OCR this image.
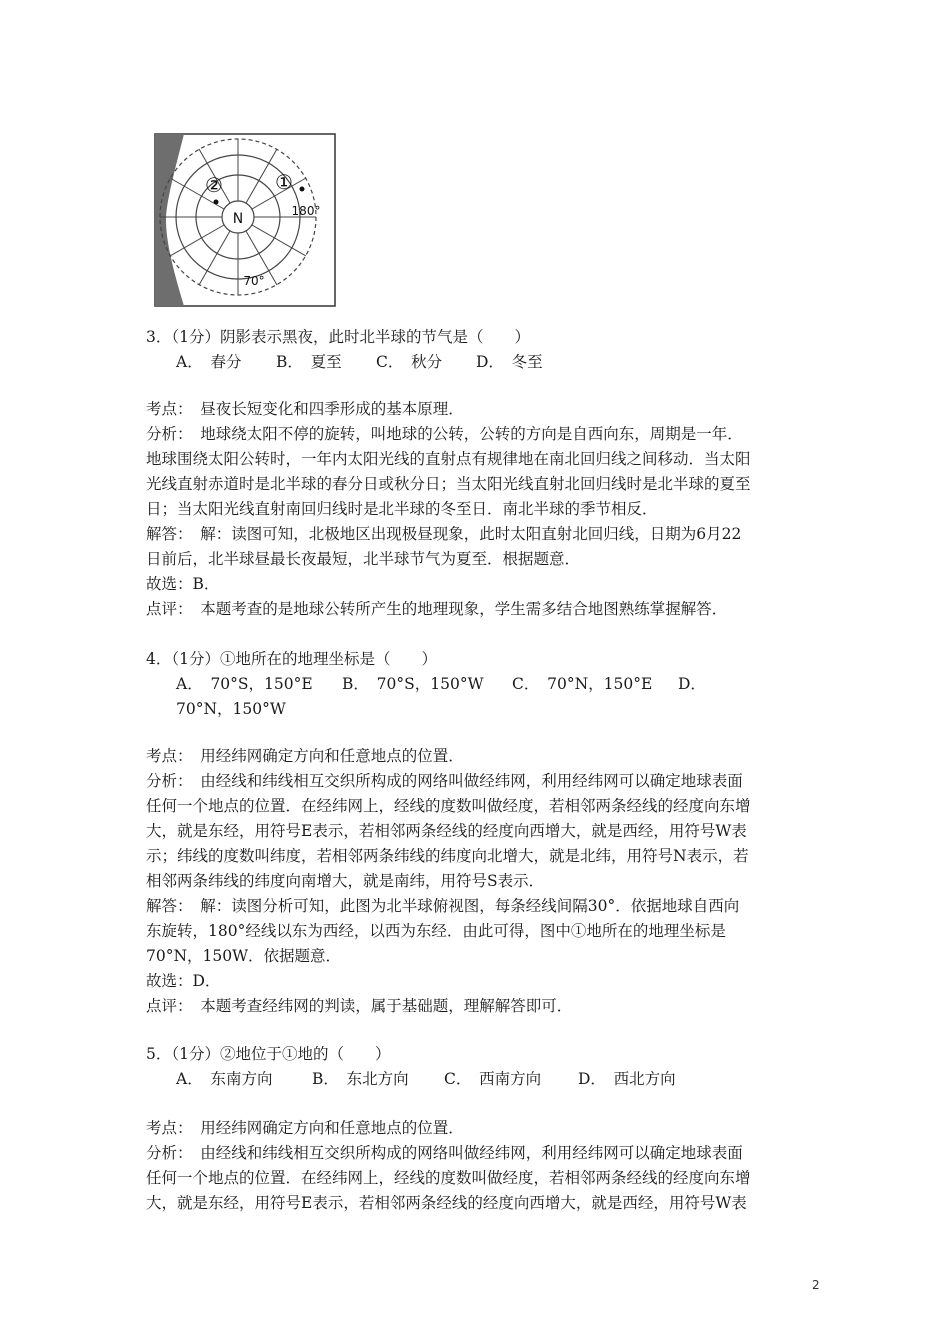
N
②	①
180°
70°
3．（1分）阴影表示黑夜，此时北半球的节气是（　　）
A．　春分 B．　夏至 C．　秋分 D．　冬至
考点：　昼夜长短变化和四季形成的基本原理．
分析：　地球绕太阳不停的旋转，叫地球的公转，公转的方向是自西向东，周期是一年．
地球围绕太阳公转时，一年内太阳光线的直射点有规律地在南北回归线之间移动．当太阳
光线直射赤道时是北半球的春分日或秋分日；当太阳光线直射北回归线时是北半球的夏至
日；当太阳光线直射南回归线时是北半球的冬至日．南北半球的季节相反．
解答：　解：读图可知，北极地区出现极昼现象，此时太阳直射北回归线，日期为6月22
日前后，北半球昼最长夜最短，北半球节气为夏至．根据题意．
故选：B．
点评：　本题考查的是地球公转所产生的地理现象，学生需多结合地图熟练掌握解答．
4．（1分）①地所在的地理坐标是（　　）
A．　70°S，150°E B．　70°S，150°W C．　70°N，150°E D．
70°N，150°W
考点：　用经纬网确定方向和任意地点的位置．
分析：　由经线和纬线相互交织所构成的网络叫做经纬网，利用经纬网可以确定地球表面
任何一个地点的位置．在经纬网上，经线的度数叫做经度，若相邻两条经线的经度向东增
大，就是东经，用符号E表示，若相邻两条经线的经度向西增大，就是西经，用符号W表
示；纬线的度数叫纬度，若相邻两条纬线的纬度向北增大，就是北纬，用符号N表示，若
相邻两条纬线的纬度向南增大，就是南纬，用符号S表示．
解答：　解：读图分析可知，此图为北半球俯视图，每条经线间隔30°．依据地球自西向
东旋转，180°经线以东为西经，以西为东经．由此可得，图中①地所在的地理坐标是
70°N，150W．依据题意．
故选：D．
点评：　本题考查经纬网的判读，属于基础题，理解解答即可．
5．（1分）②地位于①地的（　　）
A．　东南方向	B．　东北方向 C．　西南方向 D．　西北方向
考点：　用经纬网确定方向和任意地点的位置．
分析：　由经线和纬线相互交织所构成的网络叫做经纬网，利用经纬网可以确定地球表面
任何一个地点的位置．在经纬网上，经线的度数叫做经度，若相邻两条经线的经度向东增
大，就是东经，用符号E表示，若相邻两条经线的经度向西增大，就是西经，用符号W表
2
